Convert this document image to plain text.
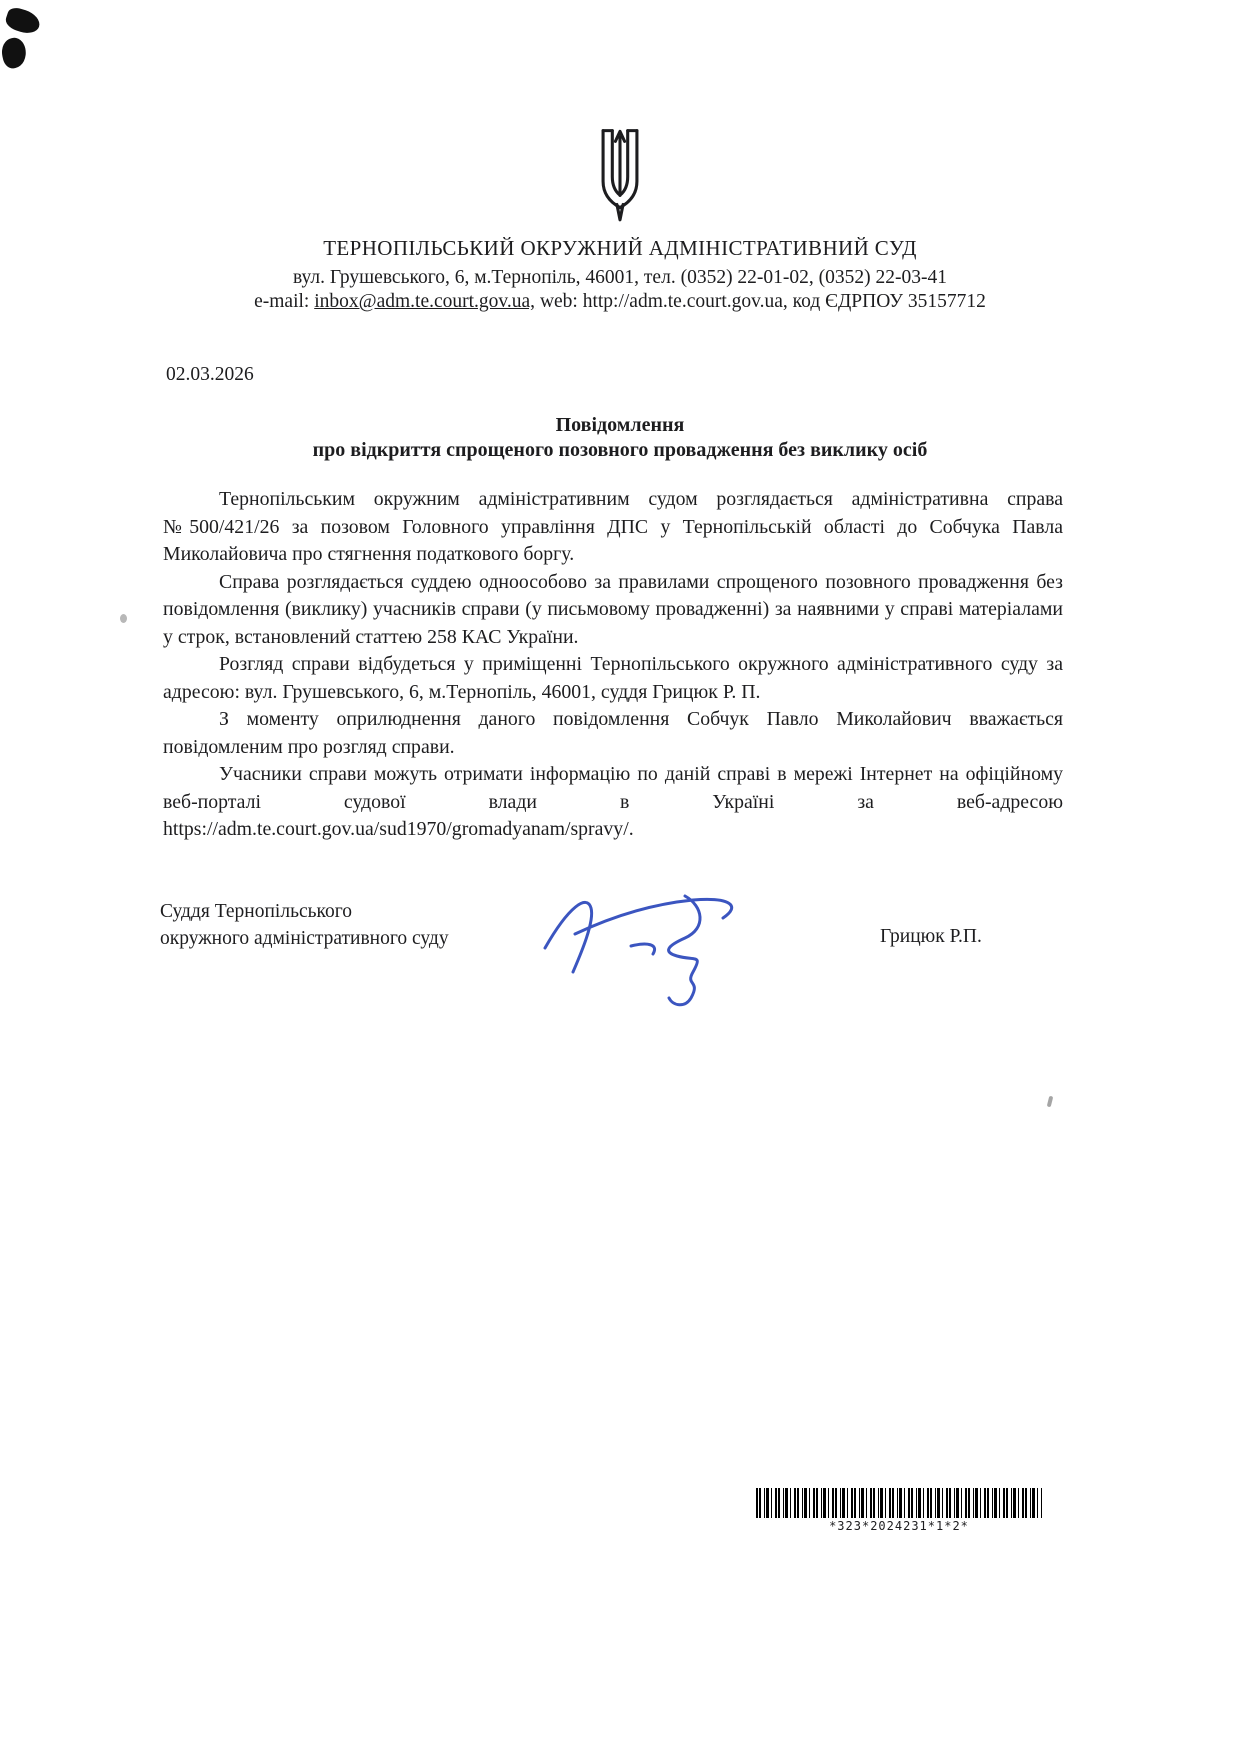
ТЕРНОПІЛЬСЬКИЙ ОКРУЖНИЙ АДМІНІСТРАТИВНИЙ СУД
вул. Грушевського, 6, м.Тернопіль, 46001, тел. (0352) 22-01-02, (0352) 22-03-41
e-mail: inbox@adm.te.court.gov.ua, web: http://adm.te.court.gov.ua, код ЄДРПОУ 35157712
02.03.2026
Повідомлення
про відкриття спрощеного позовного провадження без виклику осіб

Тернопільським окружним адміністративним судом розглядається адміністративна справа №500/421/26 за позовом Головного управління ДПС у Тернопільській області до Собчука Павла Миколайовича про стягнення податкового боргу.

Справа розглядається суддею одноособово за правилами спрощеного позовного провадження без повідомлення (виклику) учасників справи (у письмовому провадженні) за наявними у справі матеріалами у строк, встановлений статтею 258 КАС України.

Розгляд справи відбудеться у приміщенні Тернопільського окружного адміністративного суду за адресою: вул. Грушевського, 6, м.Тернопіль, 46001, суддя Грицюк Р. П.

З моменту оприлюднення даного повідомлення Собчук Павло Миколайович вважається повідомленим про розгляд справи.

Учасники справи можуть отримати інформацію по даній справі в мережі Інтернет на офіційному веб-порталі судової влади в Україні за веб-адресою https://adm.te.court.gov.ua/sud1970/gromadyanam/spravy/.

Суддя Тернопільського
окружного адміністративного суду	Грицюк Р.П.
*323*2024231*1*2*
